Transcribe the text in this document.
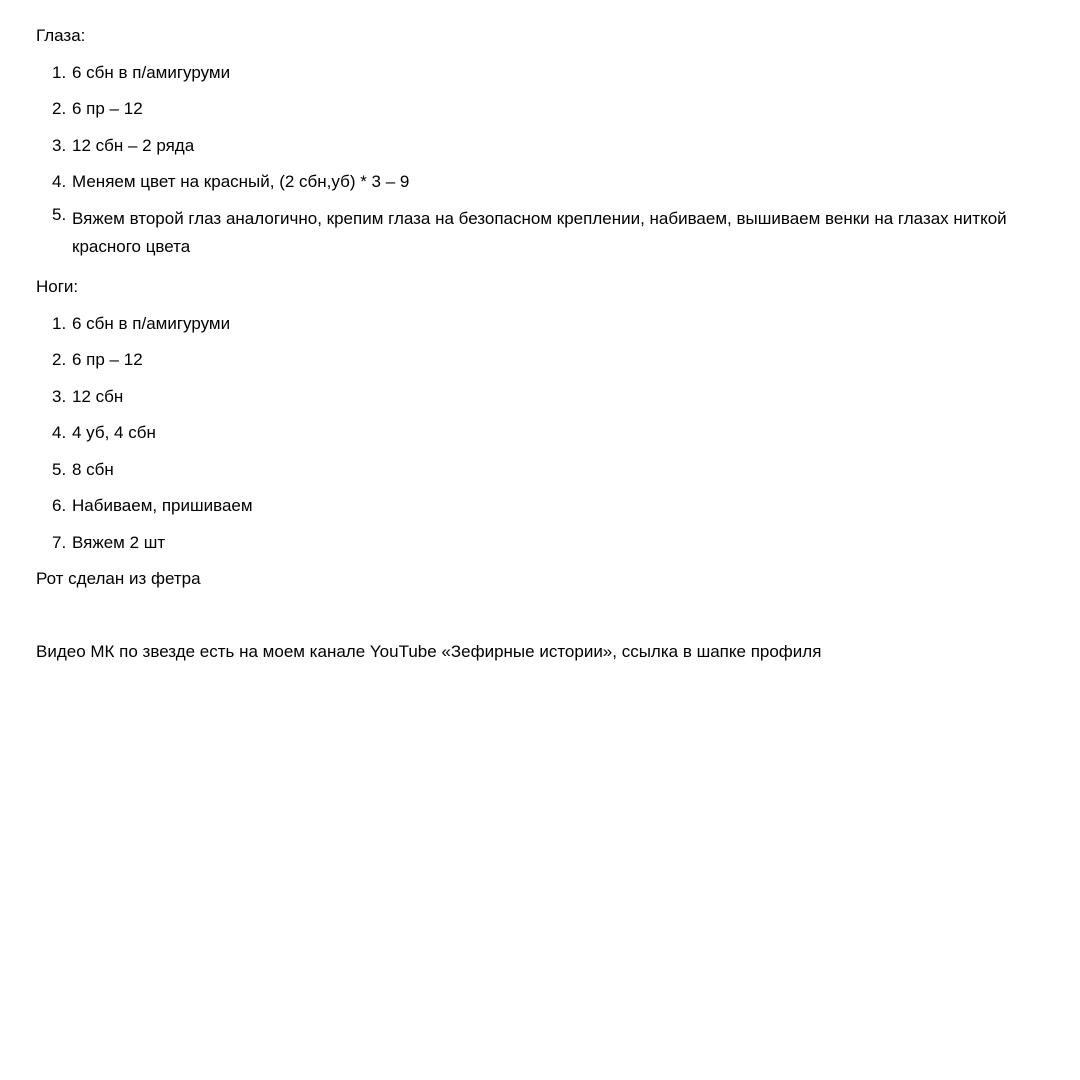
Глаза:
1. 6 сбн в п/амигуруми
2. 6 пр – 12
3. 12 сбн – 2 ряда
4. Меняем цвет на красный, (2 сбн,уб) * 3 – 9
5. Вяжем второй глаз аналогично, крепим глаза на безопасном креплении, набиваем, вышиваем венки на глазах ниткой красного цвета
Ноги:
1. 6 сбн в п/амигуруми
2. 6 пр – 12
3. 12 сбн
4. 4 уб, 4 сбн
5. 8 сбн
6. Набиваем, пришиваем
7. Вяжем 2 шт
Рот сделан из фетра
Видео МК по звезде есть на моем канале YouTube «Зефирные истории», ссылка в шапке профиля
